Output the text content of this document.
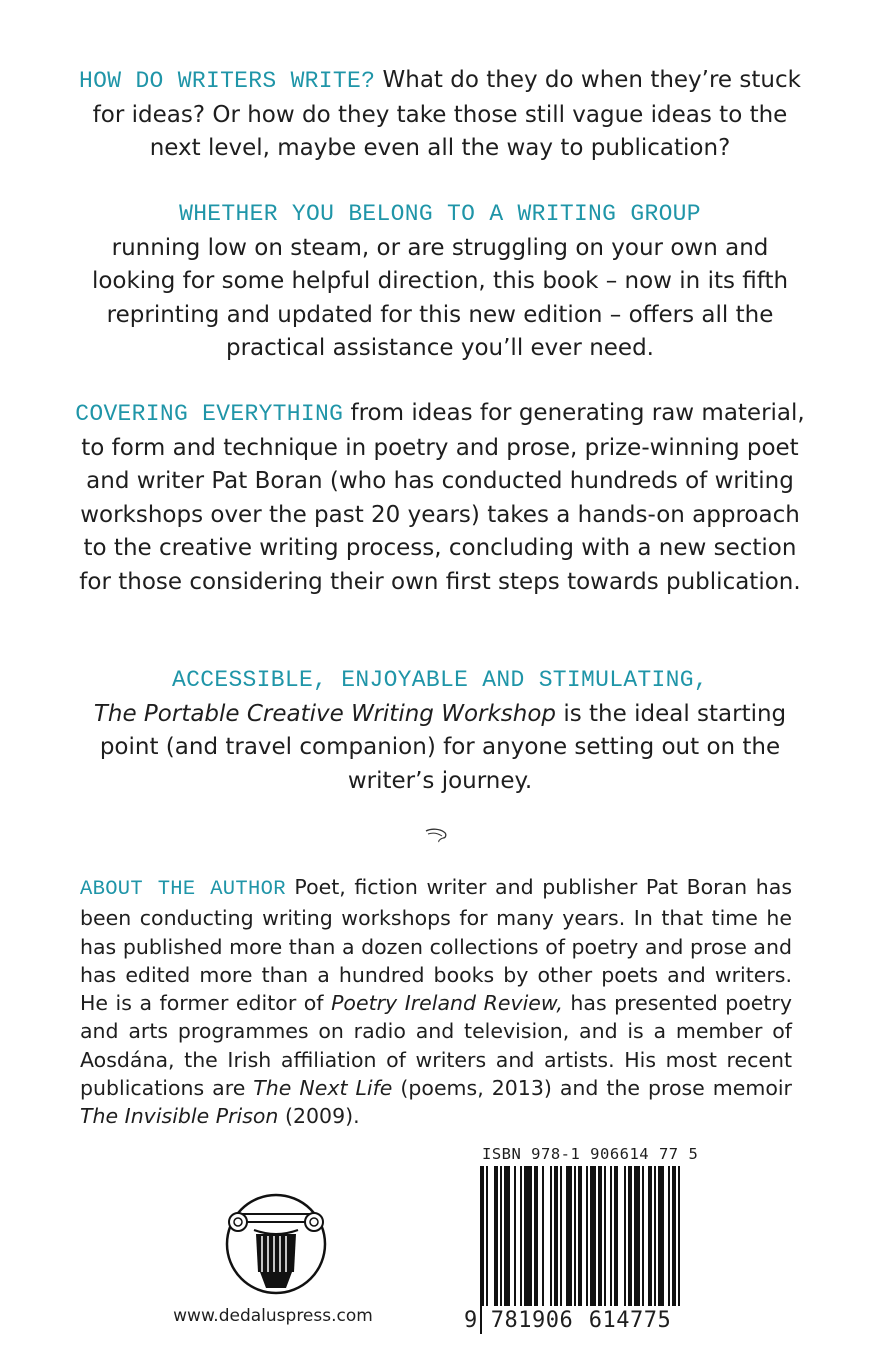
HOW DO WRITERS WRITE? What do they do when they’re stuck for ideas? Or how do they take those still vague ideas to the next level, maybe even all the way to publication?

WHETHER YOU BELONG TO A WRITING GROUP
running low on steam, or are struggling on your own and looking for some helpful direction, this book – now in its fifth reprinting and updated for this new edition – offers all the practical assistance you’ll ever need.

COVERING EVERYTHING from ideas for generating raw material, to form and technique in poetry and prose, prize-winning poet and writer Pat Boran (who has conducted hundreds of writing workshops over the past 20 years) takes a hands-on approach to the creative writing process, concluding with a new section for those considering their own first steps towards publication.

ACCESSIBLE, ENJOYABLE AND STIMULATING,
The Portable Creative Writing Workshop is the ideal starting point (and travel companion) for anyone setting out on the writer’s journey.

ABOUT THE AUTHOR Poet, fiction writer and publisher Pat Boran has been conducting writing workshops for many years. In that time he has published more than a dozen collections of poetry and prose and has edited more than a hundred books by other poets and writers. He is a former editor of Poetry Ireland Review, has presented poetry and arts programmes on radio and television, and is a member of Aosdána, the Irish affiliation of writers and artists. His most recent publications are The Next Life (poems, 2013) and the prose memoir The Invisible Prison (2009).

www.dedaluspress.com
ISBN 978-1 906614 77 5
9 781906 614775
